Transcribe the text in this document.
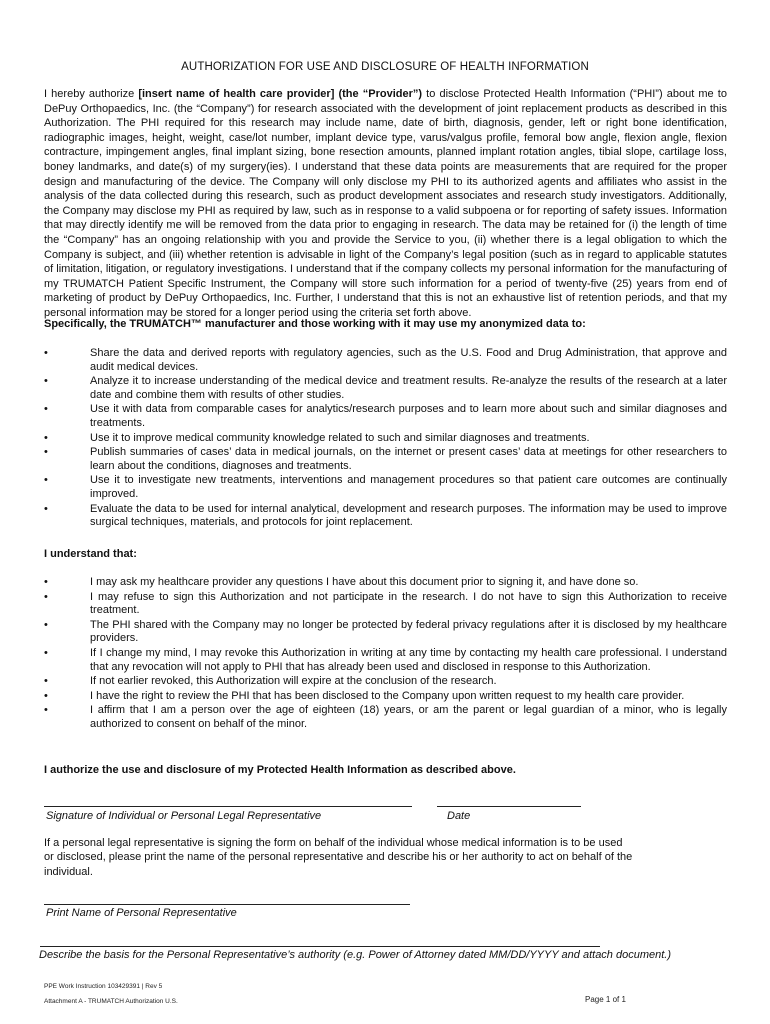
AUTHORIZATION FOR USE AND DISCLOSURE OF HEALTH INFORMATION
I hereby authorize [insert name of health care provider] (the “Provider”) to disclose Protected Health Information (“PHI”) about me to DePuy Orthopaedics, Inc. (the “Company”) for research associated with the development of joint replacement products as described in this Authorization. The PHI required for this research may include name, date of birth, diagnosis, gender, left or right bone identification, radiographic images, height, weight, case/lot number, implant device type, varus/valgus profile, femoral bow angle, flexion angle, flexion contracture, impingement angles, final implant sizing, bone resection amounts, planned implant rotation angles, tibial slope, cartilage loss, boney landmarks, and date(s) of my surgery(ies). I understand that these data points are measurements that are required for the proper design and manufacturing of the device. The Company will only disclose my PHI to its authorized agents and affiliates who assist in the analysis of the data collected during this research, such as product development associates and research study investigators. Additionally, the Company may disclose my PHI as required by law, such as in response to a valid subpoena or for reporting of safety issues. Information that may directly identify me will be removed from the data prior to engaging in research. The data may be retained for (i) the length of time the “Company” has an ongoing relationship with you and provide the Service to you, (ii) whether there is a legal obligation to which the Company is subject, and (iii) whether retention is advisable in light of the Company’s legal position (such as in regard to applicable statutes of limitation, litigation, or regulatory investigations. I understand that if the company collects my personal information for the manufacturing of my TRUMATCH Patient Specific Instrument, the Company will store such information for a period of twenty-five (25) years from end of marketing of product by DePuy Orthopaedics, Inc. Further, I understand that this is not an exhaustive list of retention periods, and that my personal information may be stored for a longer period using the criteria set forth above.
Specifically, the TRUMATCH™ manufacturer and those working with it may use my anonymized data to:
•	Share the data and derived reports with regulatory agencies, such as the U.S. Food and Drug Administration, that approve and audit medical devices.
•	Analyze it to increase understanding of the medical device and treatment results. Re-analyze the results of the research at a later date and combine them with results of other studies.
•	Use it with data from comparable cases for analytics/research purposes and to learn more about such and similar diagnoses and treatments.
•	Use it to improve medical community knowledge related to such and similar diagnoses and treatments.
•	Publish summaries of cases’ data in medical journals, on the internet or present cases’ data at meetings for other researchers to learn about the conditions, diagnoses and treatments.
•	Use it to investigate new treatments, interventions and management procedures so that patient care outcomes are continually improved.
•	Evaluate the data to be used for internal analytical, development and research purposes. The information may be used to improve surgical techniques, materials, and protocols for joint replacement.
I understand that:
•	I may ask my healthcare provider any questions I have about this document prior to signing it, and have done so.
•	I may refuse to sign this Authorization and not participate in the research. I do not have to sign this Authorization to receive treatment.
•	The PHI shared with the Company may no longer be protected by federal privacy regulations after it is disclosed by my healthcare providers.
•	If I change my mind, I may revoke this Authorization in writing at any time by contacting my health care professional. I understand that any revocation will not apply to PHI that has already been used and disclosed in response to this Authorization.
•	If not earlier revoked, this Authorization will expire at the conclusion of the research.
•	I have the right to review the PHI that has been disclosed to the Company upon written request to my health care provider.
•	I affirm that I am a person over the age of eighteen (18) years, or am the parent or legal guardian of a minor, who is legally authorized to consent on behalf of the minor.
I authorize the use and disclosure of my Protected Health Information as described above.
Signature of Individual or Personal Legal Representative	Date
If a personal legal representative is signing the form on behalf of the individual whose medical information is to be used or disclosed, please print the name of the personal representative and describe his or her authority to act on behalf of the individual.
Print Name of Personal Representative
Describe the basis for the Personal Representative’s authority (e.g. Power of Attorney dated MM/DD/YYYY and attach document.)
PPE Work Instruction 103429391 | Rev 5
Attachment A - TRUMATCH Authorization U.S.	Page 1 of 1
